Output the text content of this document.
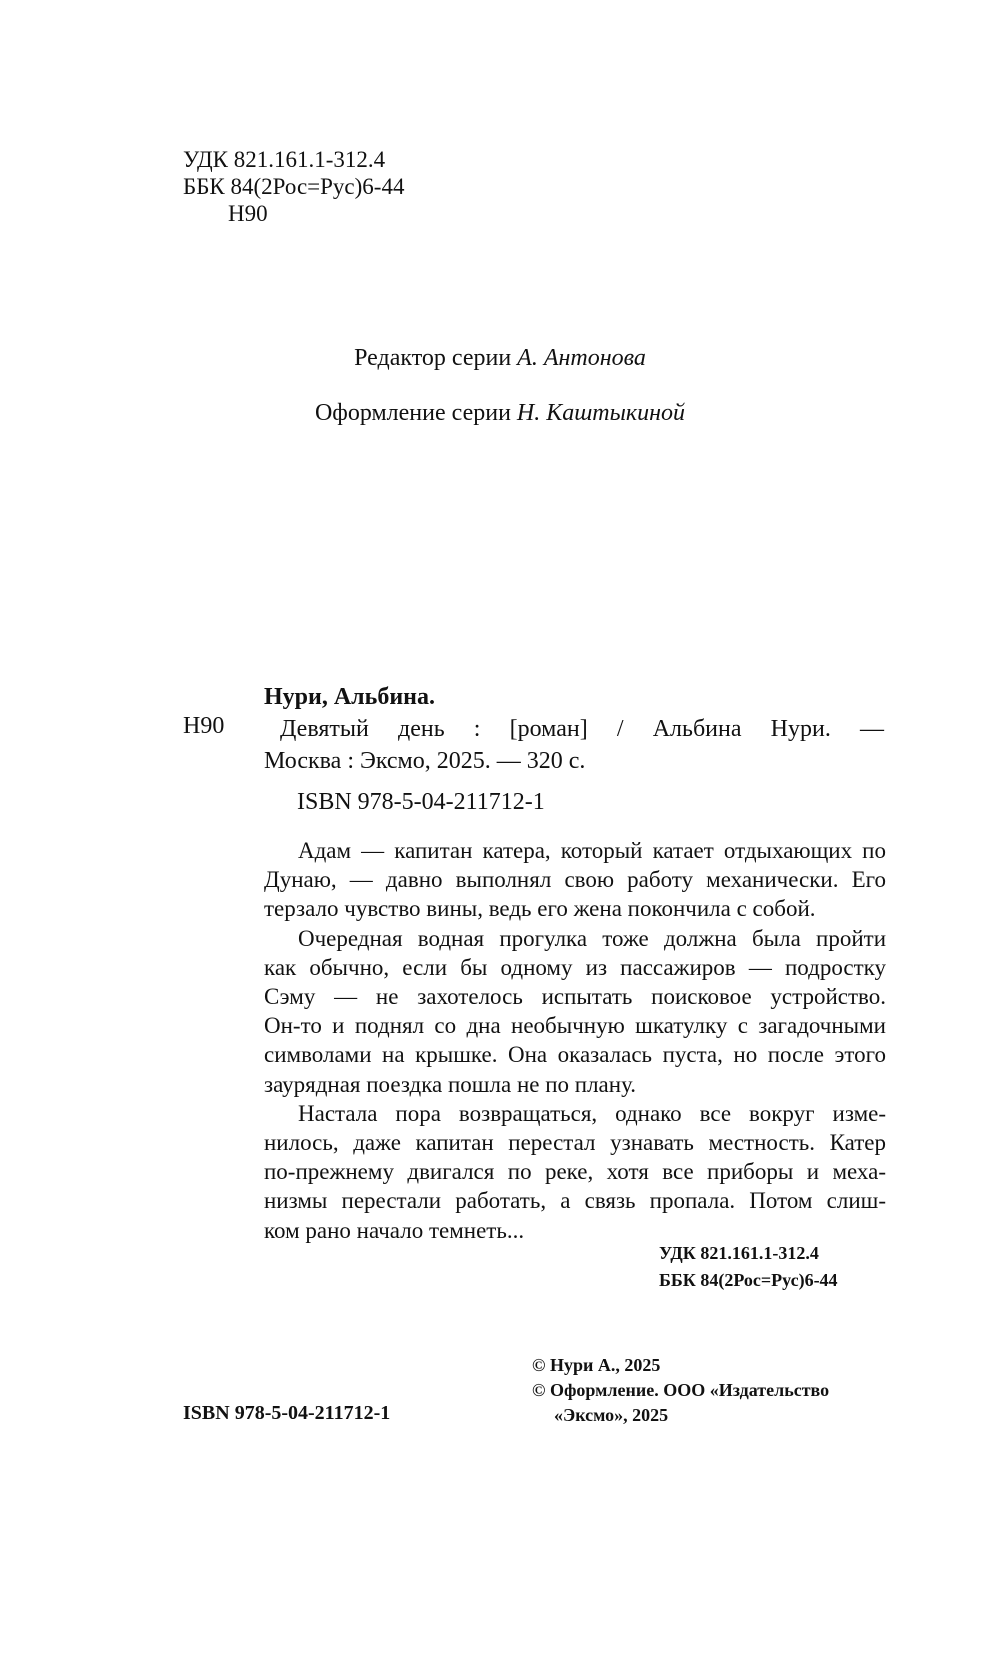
УДК 821.161.1-312.4
ББК 84(2Рос=Рус)6-44
Н90
Редактор серии А. Антонова
Оформление серии Н. Каштыкиной
Нури, Альбина.
Н90	Девятый день : [роман] / Альбина Нури. —
Москва : Эксмо, 2025. — 320 с.
ISBN 978-5-04-211712-1
Адам — капитан катера, который катает отдыхающих по
Дунаю, — давно выполнял свою работу механически. Его
терзало чувство вины, ведь его жена покончила с собой.
Очередная водная прогулка тоже должна была пройти
как обычно, если бы одному из пассажиров — подростку
Сэму — не захотелось испытать поисковое устройство.
Он-то и поднял со дна необычную шкатулку с загадочными
символами на крышке. Она оказалась пуста, но после этого
заурядная поездка пошла не по плану.
Настала пора возвращаться, однако все вокруг изме-
нилось, даже капитан перестал узнавать местность. Катер
по-прежнему двигался по реке, хотя все приборы и меха-
низмы перестали работать, а связь пропала. Потом слиш-
ком рано начало темнеть...
УДК 821.161.1-312.4
ББК 84(2Рос=Рус)6-44
ISBN 978-5-04-211712-1
© Нури А., 2025
© Оформление. ООО «Издательство
«Эксмо», 2025
